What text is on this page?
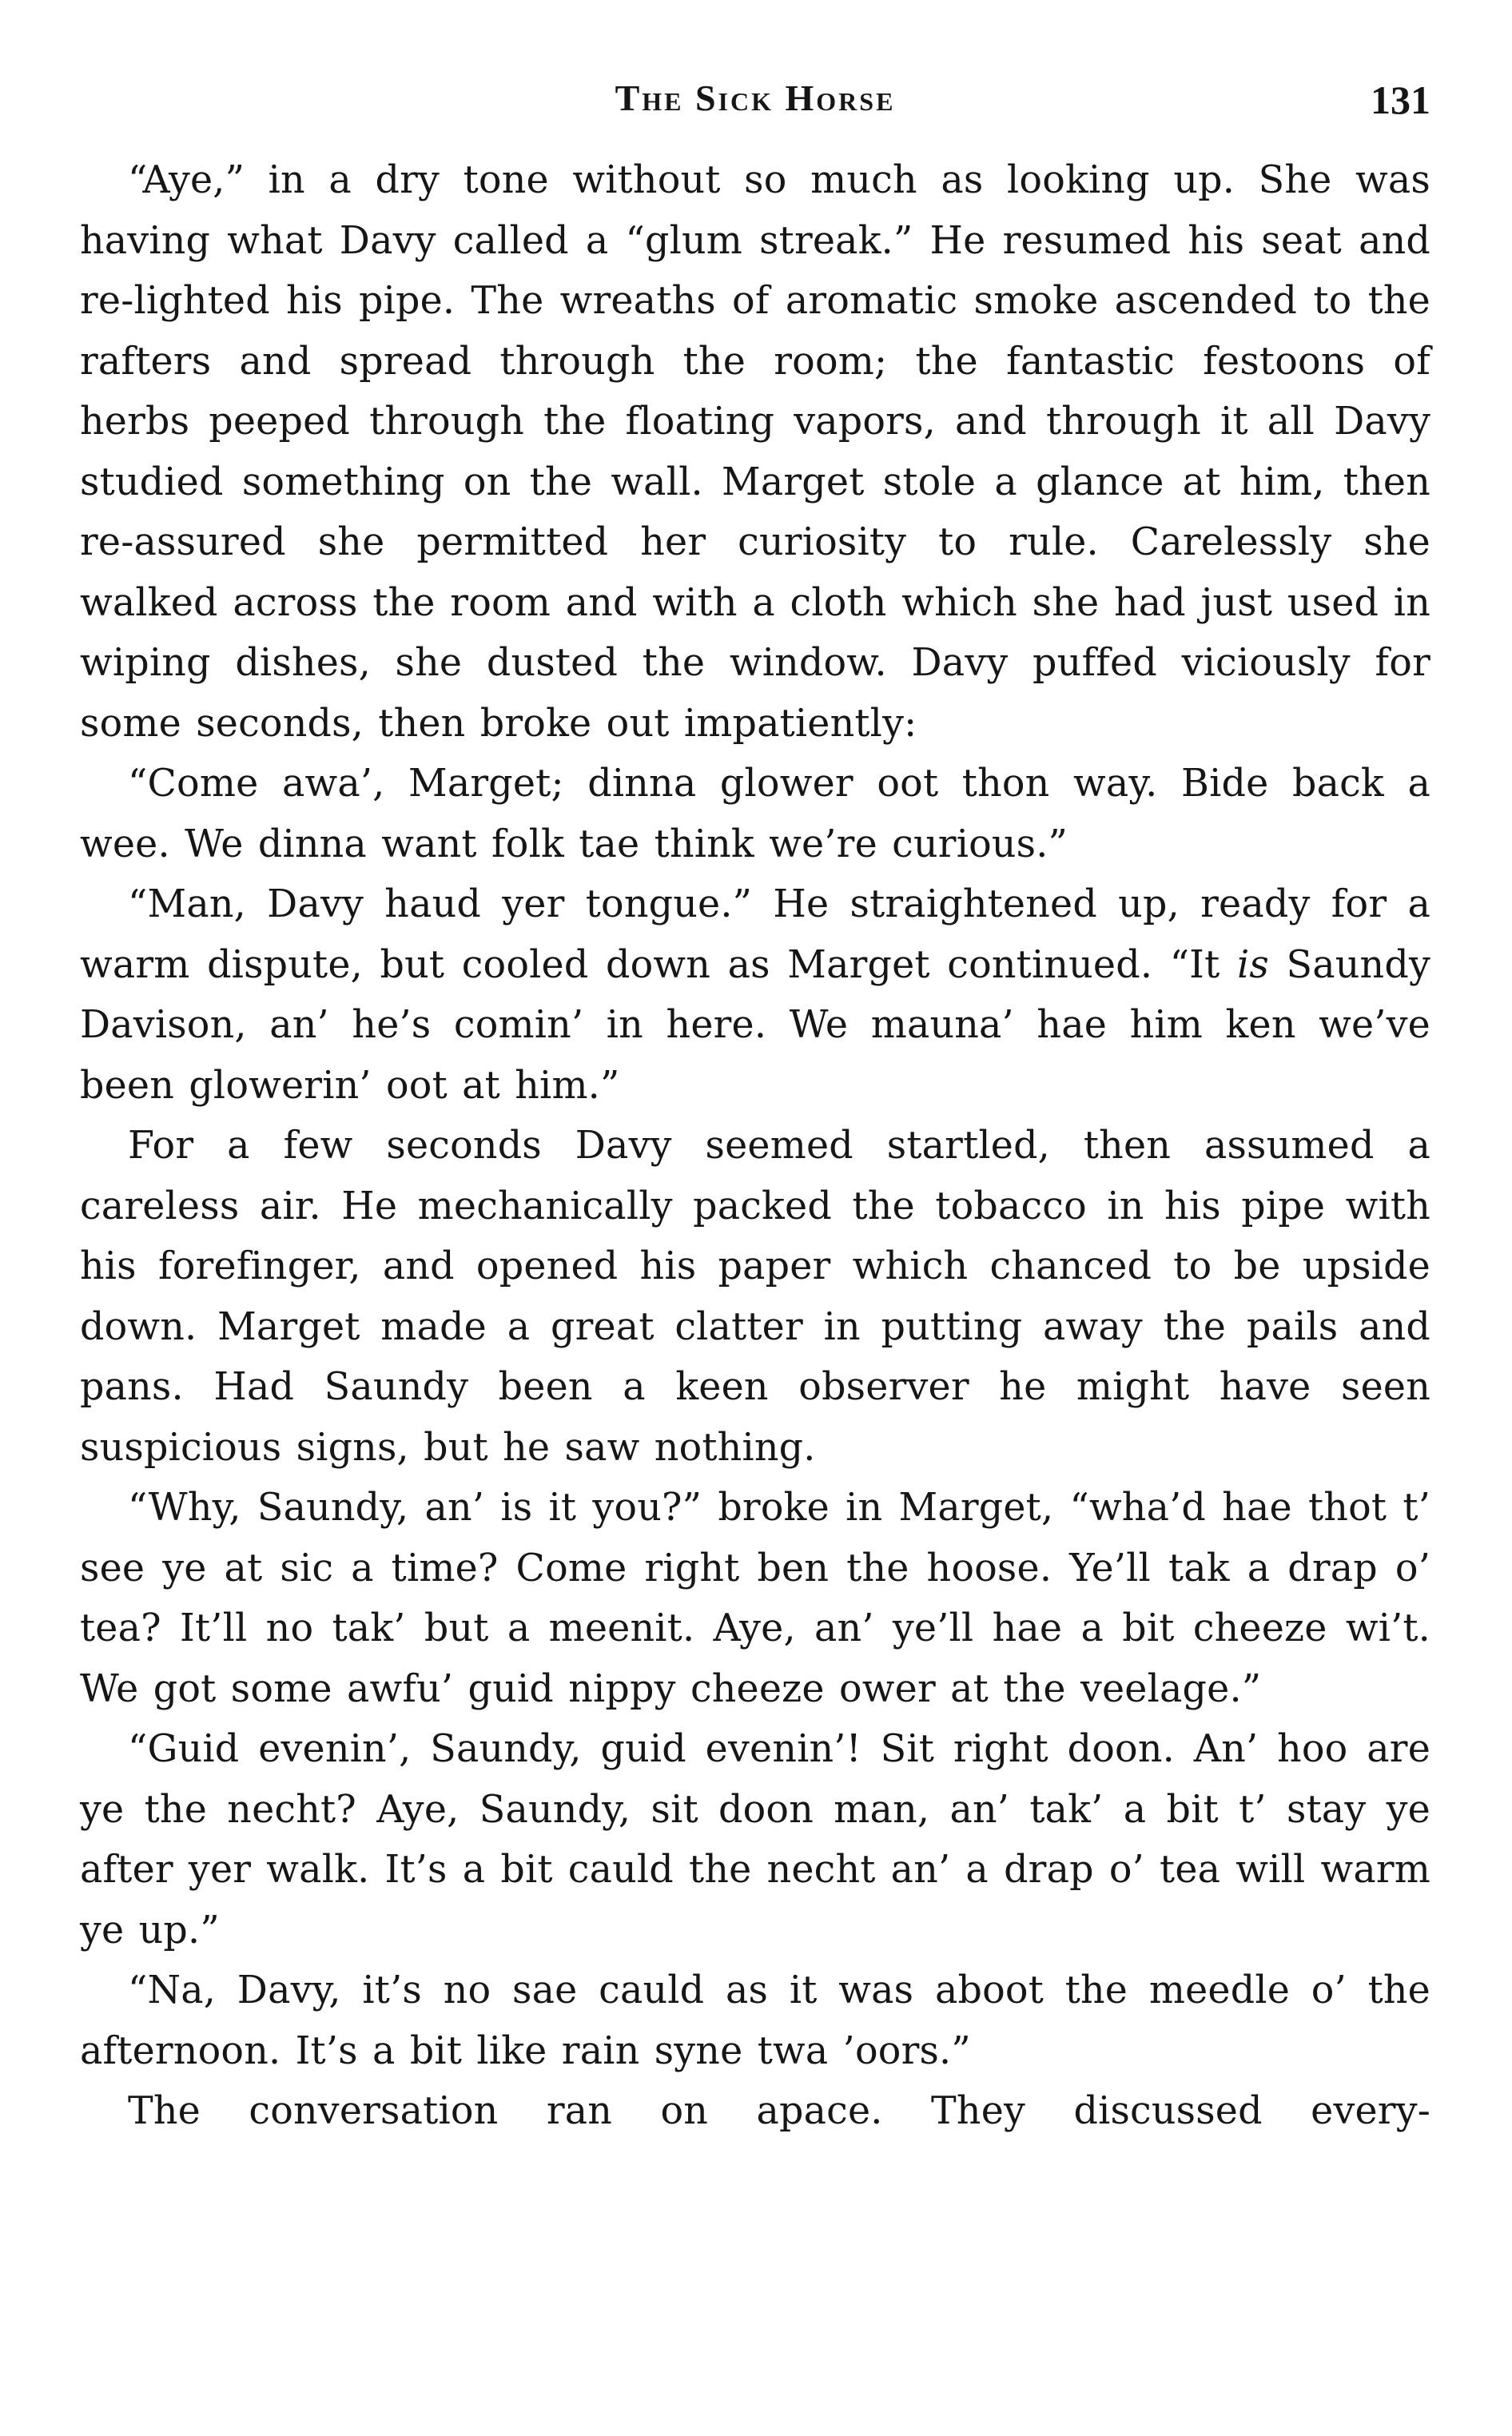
The Sick Horse	131

“Aye,” in a dry tone without so much as looking up. She was having what Davy called a “glum streak.” He resumed his seat and re-lighted his pipe. The wreaths of aromatic smoke ascended to the rafters and spread through the room; the fantastic festoons of herbs peeped through the floating vapors, and through it all Davy studied something on the wall. Marget stole a glance at him, then re-assured she permitted her curiosity to rule. Carelessly she walked across the room and with a cloth which she had just used in wiping dishes, she dusted the window. Davy puffed viciously for some seconds, then broke out impatiently:

“Come awa’, Marget; dinna glower oot thon way. Bide back a wee. We dinna want folk tae think we’re curious.”

“Man, Davy haud yer tongue.” He straightened up, ready for a warm dispute, but cooled down as Marget continued. “It is Saundy Davison, an’ he’s comin’ in here. We mauna’ hae him ken we’ve been glowerin’ oot at him.”

For a few seconds Davy seemed startled, then assumed a careless air. He mechanically packed the tobacco in his pipe with his forefinger, and opened his paper which chanced to be upside down. Marget made a great clatter in putting away the pails and pans. Had Saundy been a keen observer he might have seen suspicious signs, but he saw nothing.

“Why, Saundy, an’ is it you?” broke in Marget, “wha’d hae thot t’ see ye at sic a time? Come right ben the hoose. Ye’ll tak a drap o’ tea? It’ll no tak’ but a meenit. Aye, an’ ye’ll hae a bit cheeze wi’t. We got some awfu’ guid nippy cheeze ower at the veelage.”

“Guid evenin’, Saundy, guid evenin’! Sit right doon. An’ hoo are ye the necht? Aye, Saundy, sit doon man, an’ tak’ a bit t’ stay ye after yer walk. It’s a bit cauld the necht an’ a drap o’ tea will warm ye up.”

“Na, Davy, it’s no sae cauld as it was aboot the meedle o’ the afternoon. It’s a bit like rain syne twa ’oors.”

The conversation ran on apace. They discussed every-
